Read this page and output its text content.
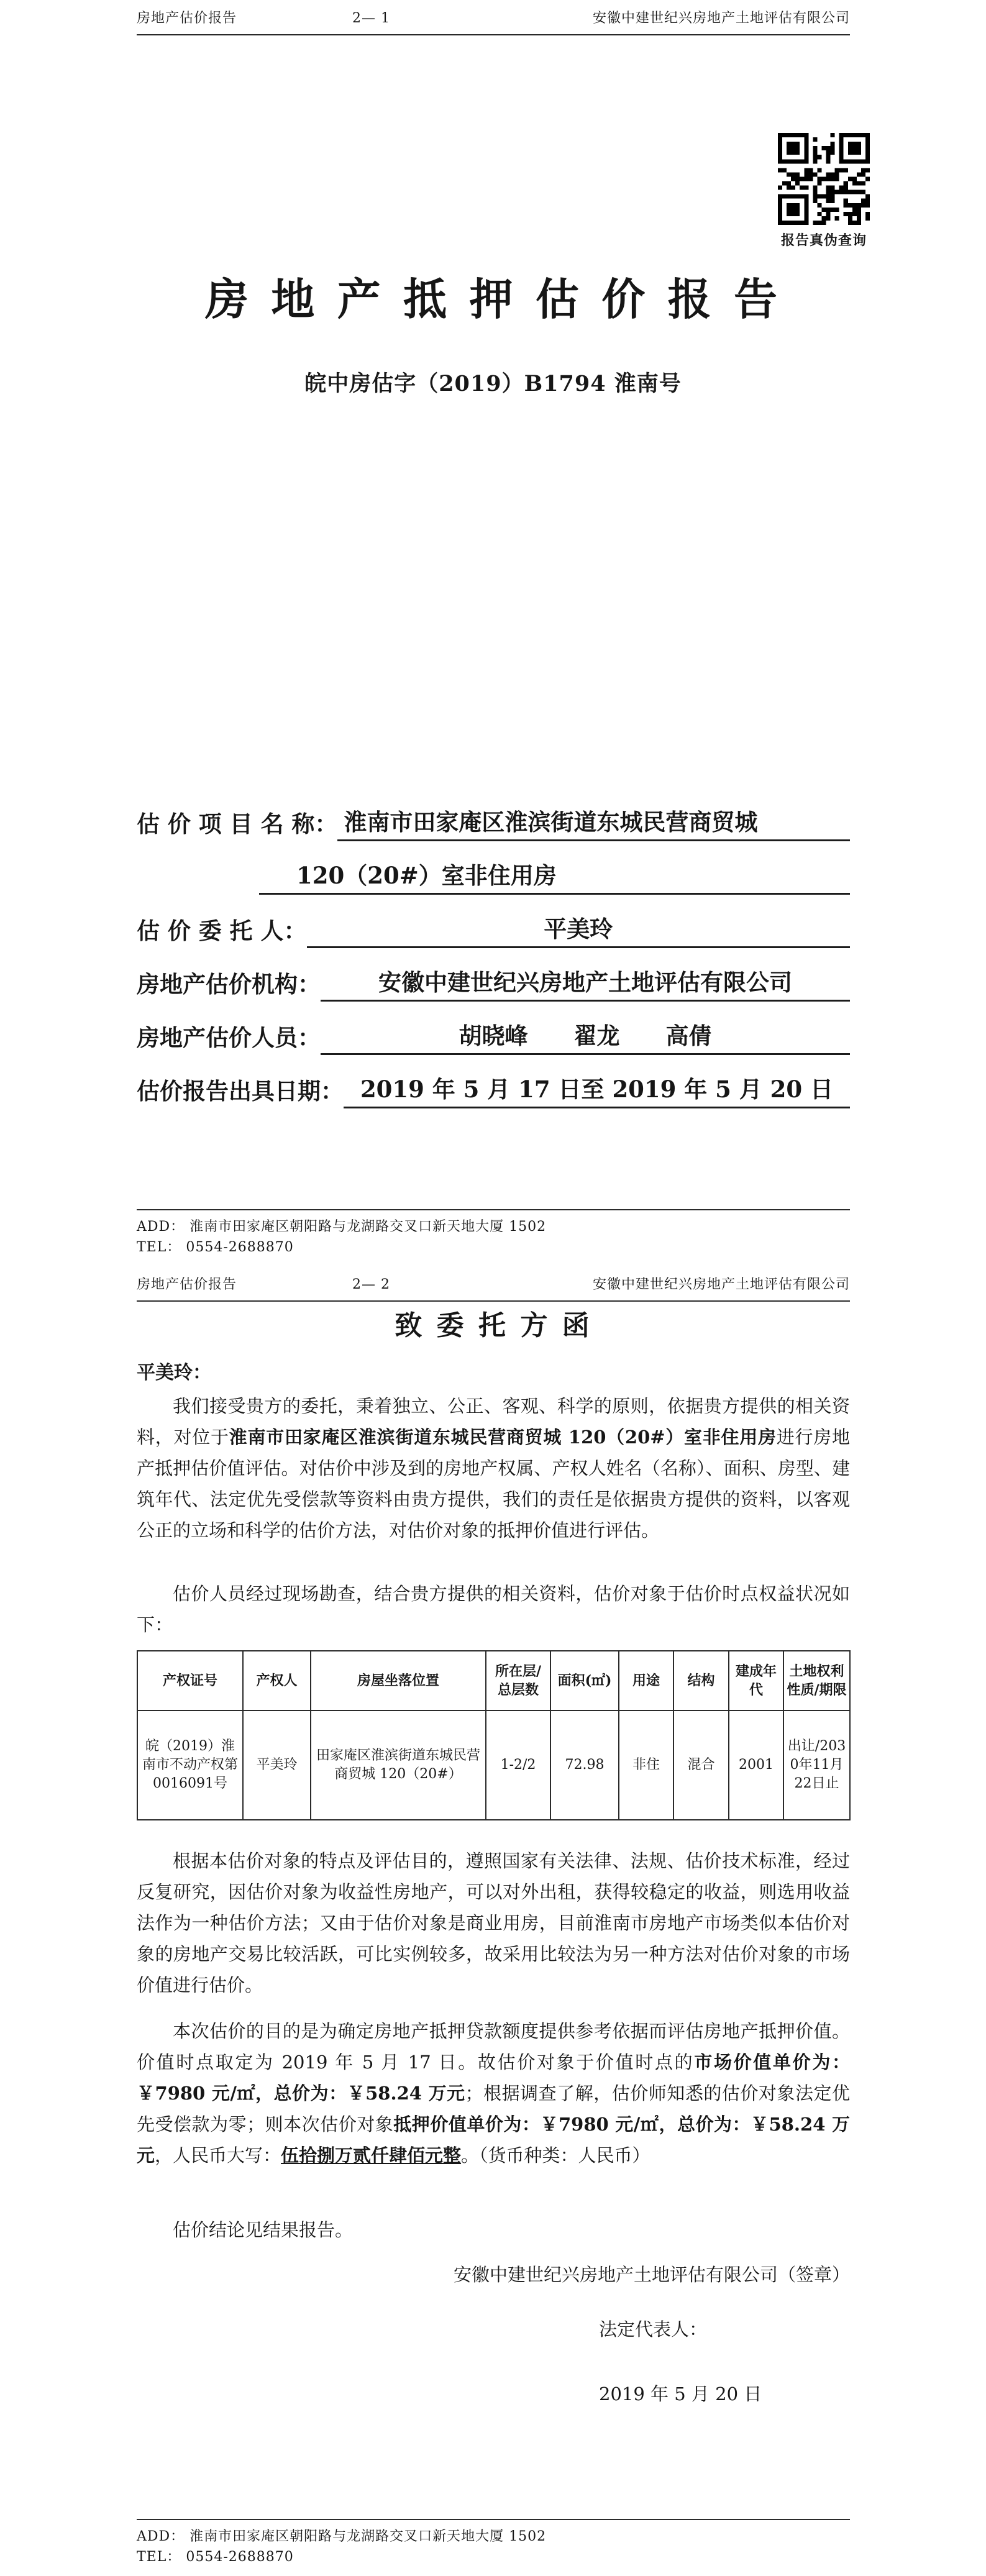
房地产估价报告	2— 1	安徽中建世纪兴房地产土地评估有限公司
报告真伪查询
房 地 产 抵 押 估 价 报 告
皖中房估字（2019）B1794 淮南号
估 价 项 目 名 称： 淮南市田家庵区淮滨街道东城民营商贸城
120（20#）室非住用房
估 价 委 托 人：	平美玲
房地产估价机构：	安徽中建世纪兴房地产土地评估有限公司
房地产估价人员：	胡晓峰　　翟龙　　高倩
估价报告出具日期： 2019 年 5 月 17 日至 2019 年 5 月 20 日
ADD： 淮南市田家庵区朝阳路与龙湖路交叉口新天地大厦 1502
TEL： 0554-2688870
房地产估价报告	2— 2	安徽中建世纪兴房地产土地评估有限公司
致 委 托 方 函
平美玲：

我们接受贵方的委托，秉着独立、公正、客观、科学的原则，依据贵方提供的相关资料，对位于淮南市田家庵区淮滨街道东城民营商贸城 120（20#）室非住用房进行房地产抵押估价值评估。对估价中涉及到的房地产权属、产权人姓名（名称）、面积、房型、建筑年代、法定优先受偿款等资料由贵方提供，我们的责任是依据贵方提供的资料，以客观公正的立场和科学的估价方法，对估价对象的抵押价值进行评估。

估价人员经过现场勘查，结合贵方提供的相关资料，估价对象于估价时点权益状况如下：

产权证号	产权人	房屋坐落位置	所在层/总层数	面积(㎡)	用途	结构	建成年代	土地权利性质/期限
皖（2019）淮南市不动产权第0016091号	平美玲	田家庵区淮滨街道东城民营商贸城 120（20#）	1-2/2	72.98	非住	混合	2001	出让/2030年11月22日止

根据本估价对象的特点及评估目的，遵照国家有关法律、法规、估价技术标准，经过反复研究，因估价对象为收益性房地产，可以对外出租，获得较稳定的收益，则选用收益法作为一种估价方法；又由于估价对象是商业用房，目前淮南市房地产市场类似本估价对象的房地产交易比较活跃，可比实例较多，故采用比较法为另一种方法对估价对象的市场价值进行估价。

本次估价的目的是为确定房地产抵押贷款额度提供参考依据而评估房地产抵押价值。价值时点取定为 2019 年 5 月 17 日。故估价对象于价值时点的市场价值单价为：￥7980 元/㎡，总价为：￥58.24 万元；根据调查了解，估价师知悉的估价对象法定优先受偿款为零；则本次估价对象抵押价值单价为：￥7980 元/㎡，总价为：￥58.24 万元，人民币大写：伍拾捌万贰仟肆佰元整。（货币种类：人民币）

估价结论见结果报告。

安徽中建世纪兴房地产土地评估有限公司（签章）
法定代表人：
2019 年 5 月 20 日
ADD： 淮南市田家庵区朝阳路与龙湖路交叉口新天地大厦 1502
TEL： 0554-2688870
